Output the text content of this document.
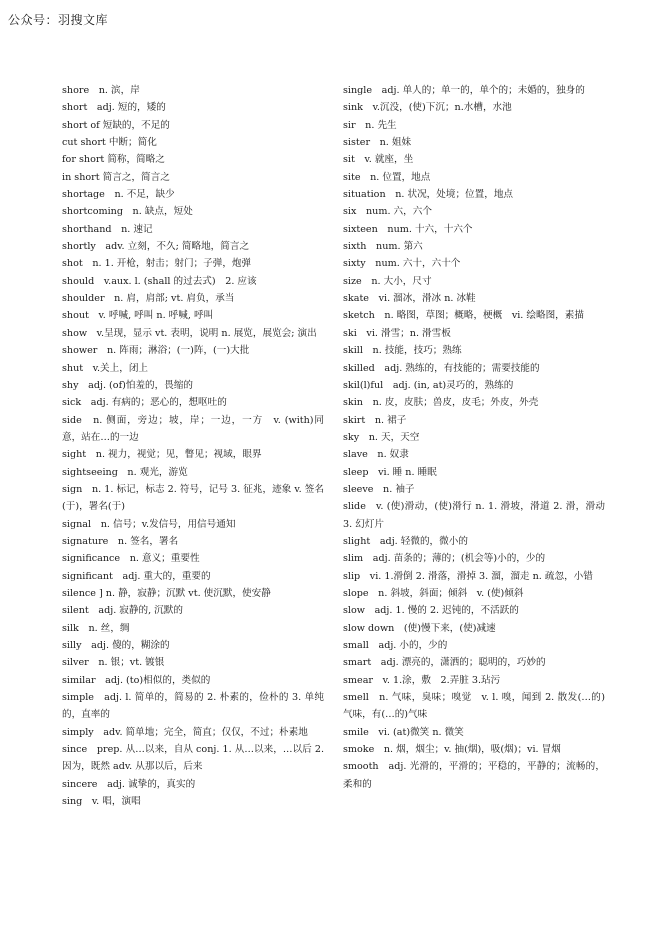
公众号：羽搜文库
shore　n. 滨，岸
short　adj. 短的，矮的
short of 短缺的，不足的
cut short 中断；简化
for short 简称，简略之
in short 简言之，简言之
shortage　n. 不足，缺少
shortcoming　n. 缺点，短处
shorthand　n. 速记
shortly　adv. 立刻，不久; 简略地，简言之
shot　n. 1. 开枪，射击；射门；子弹，炮弹
should　v.aux. l. (shall 的过去式)　2. 应该
shoulder　n. 肩，肩部; vt. 肩负，承当
shout　v. 呼喊, 呼叫 n. 呼喊, 呼叫
show　v.呈现，显示 vt. 表明，说明 n. 展览，展览会; 演出
shower　n. 阵雨；淋浴；(一)阵，(一)大批
shut　v.关上，闭上
shy　adj. (of)怕羞的，畏缩的
sick　adj. 有病的；恶心的，想呕吐的
side　n. 侧面，旁边；坡，岸；一边，一方　v. (with)同意，站在…的一边
sight　n. 视力，视觉；见，瞥见；视域，眼界
sightseeing　n. 观光，游览
sign　n. 1. 标记，标志 2. 符号，记号 3. 征兆，迹象 v. 签名(于)，署名(于)
signal　n. 信号；v.发信号，用信号通知
signature　n. 签名，署名
significance　n. 意义；重要性
significant　adj. 重大的，重要的
silence ] n. 静，寂静；沉默 vt. 使沉默，使安静
silent　adj. 寂静的, 沉默的
silk　n. 丝，绸
silly　adj. 傻的，糊涂的
silver　n. 银；vt. 镀银
similar　adj. (to)相似的，类似的
simple　adj. l. 简单的，简易的 2. 朴素的，俭朴的 3. 单纯的，直率的
simply　adv. 简单地；完全，简直；仅仅，不过；朴素地
since　prep. 从…以来，自从 conj. 1. 从…以来，…以后 2. 因为，既然 adv. 从那以后，后来
sincere　adj. 诚挚的，真实的
sing　v. 唱，演唱
single　adj. 单人的；单一的，单个的；未婚的，独身的
sink　v.沉没，(使)下沉；n.水槽，水池
sir　n. 先生
sister　n. 姐妹
sit　v. 就座，坐
site　n. 位置，地点
situation　n. 状况，处境；位置，地点
six　num. 六，六个
sixteen　num. 十六，十六个
sixth　num. 第六
sixty　num. 六十，六十个
size　n. 大小，尺寸
skate　vi. 溜冰，滑冰 n. 冰鞋
sketch　n. 略图，草图；概略，梗概　vi. 绘略图，素描
ski　vi. 滑雪；n. 滑雪板
skill　n. 技能，技巧；熟练
skilled　adj. 熟练的，有技能的；需要技能的
skil(l)ful　adj. (in, at)灵巧的，熟练的
skin　n. 皮，皮肤；兽皮，皮毛；外皮，外壳
skirt　n. 裙子
sky　n. 天，天空
slave　n. 奴隶
sleep　vi. 睡 n. 睡眠
sleeve　n. 袖子
slide　v. (使)滑动，(使)滑行 n. 1. 滑坡，滑道 2. 滑，滑动 3. 幻灯片
slight　adj. 轻微的，微小的
slim　adj. 苗条的；薄的；(机会等)小的，少的
slip　vi. 1.滑倒 2. 滑落，滑掉 3. 溜，溜走 n. 疏忽，小错
slope　n. 斜坡，斜面；倾斜　v. (使)倾斜
slow　adj. 1. 慢的 2. 迟钝的，不活跃的
slow down　(使)慢下来，(使)减速
small　adj. 小的，少的
smart　adj. 漂亮的，潇洒的；聪明的，巧妙的
smear　v. 1.涂，敷　2.弄脏 3.玷污
smell　n. 气味，臭味；嗅觉　v. l. 嗅，闻到 2. 散发(…的)气味，有(…的)气味
smile　vi. (at)微笑 n. 微笑
smoke　n. 烟，烟尘；v. 抽(烟)，吸(烟)；vi. 冒烟
smooth　adj. 光滑的，平滑的；平稳的，平静的；流畅的，柔和的
